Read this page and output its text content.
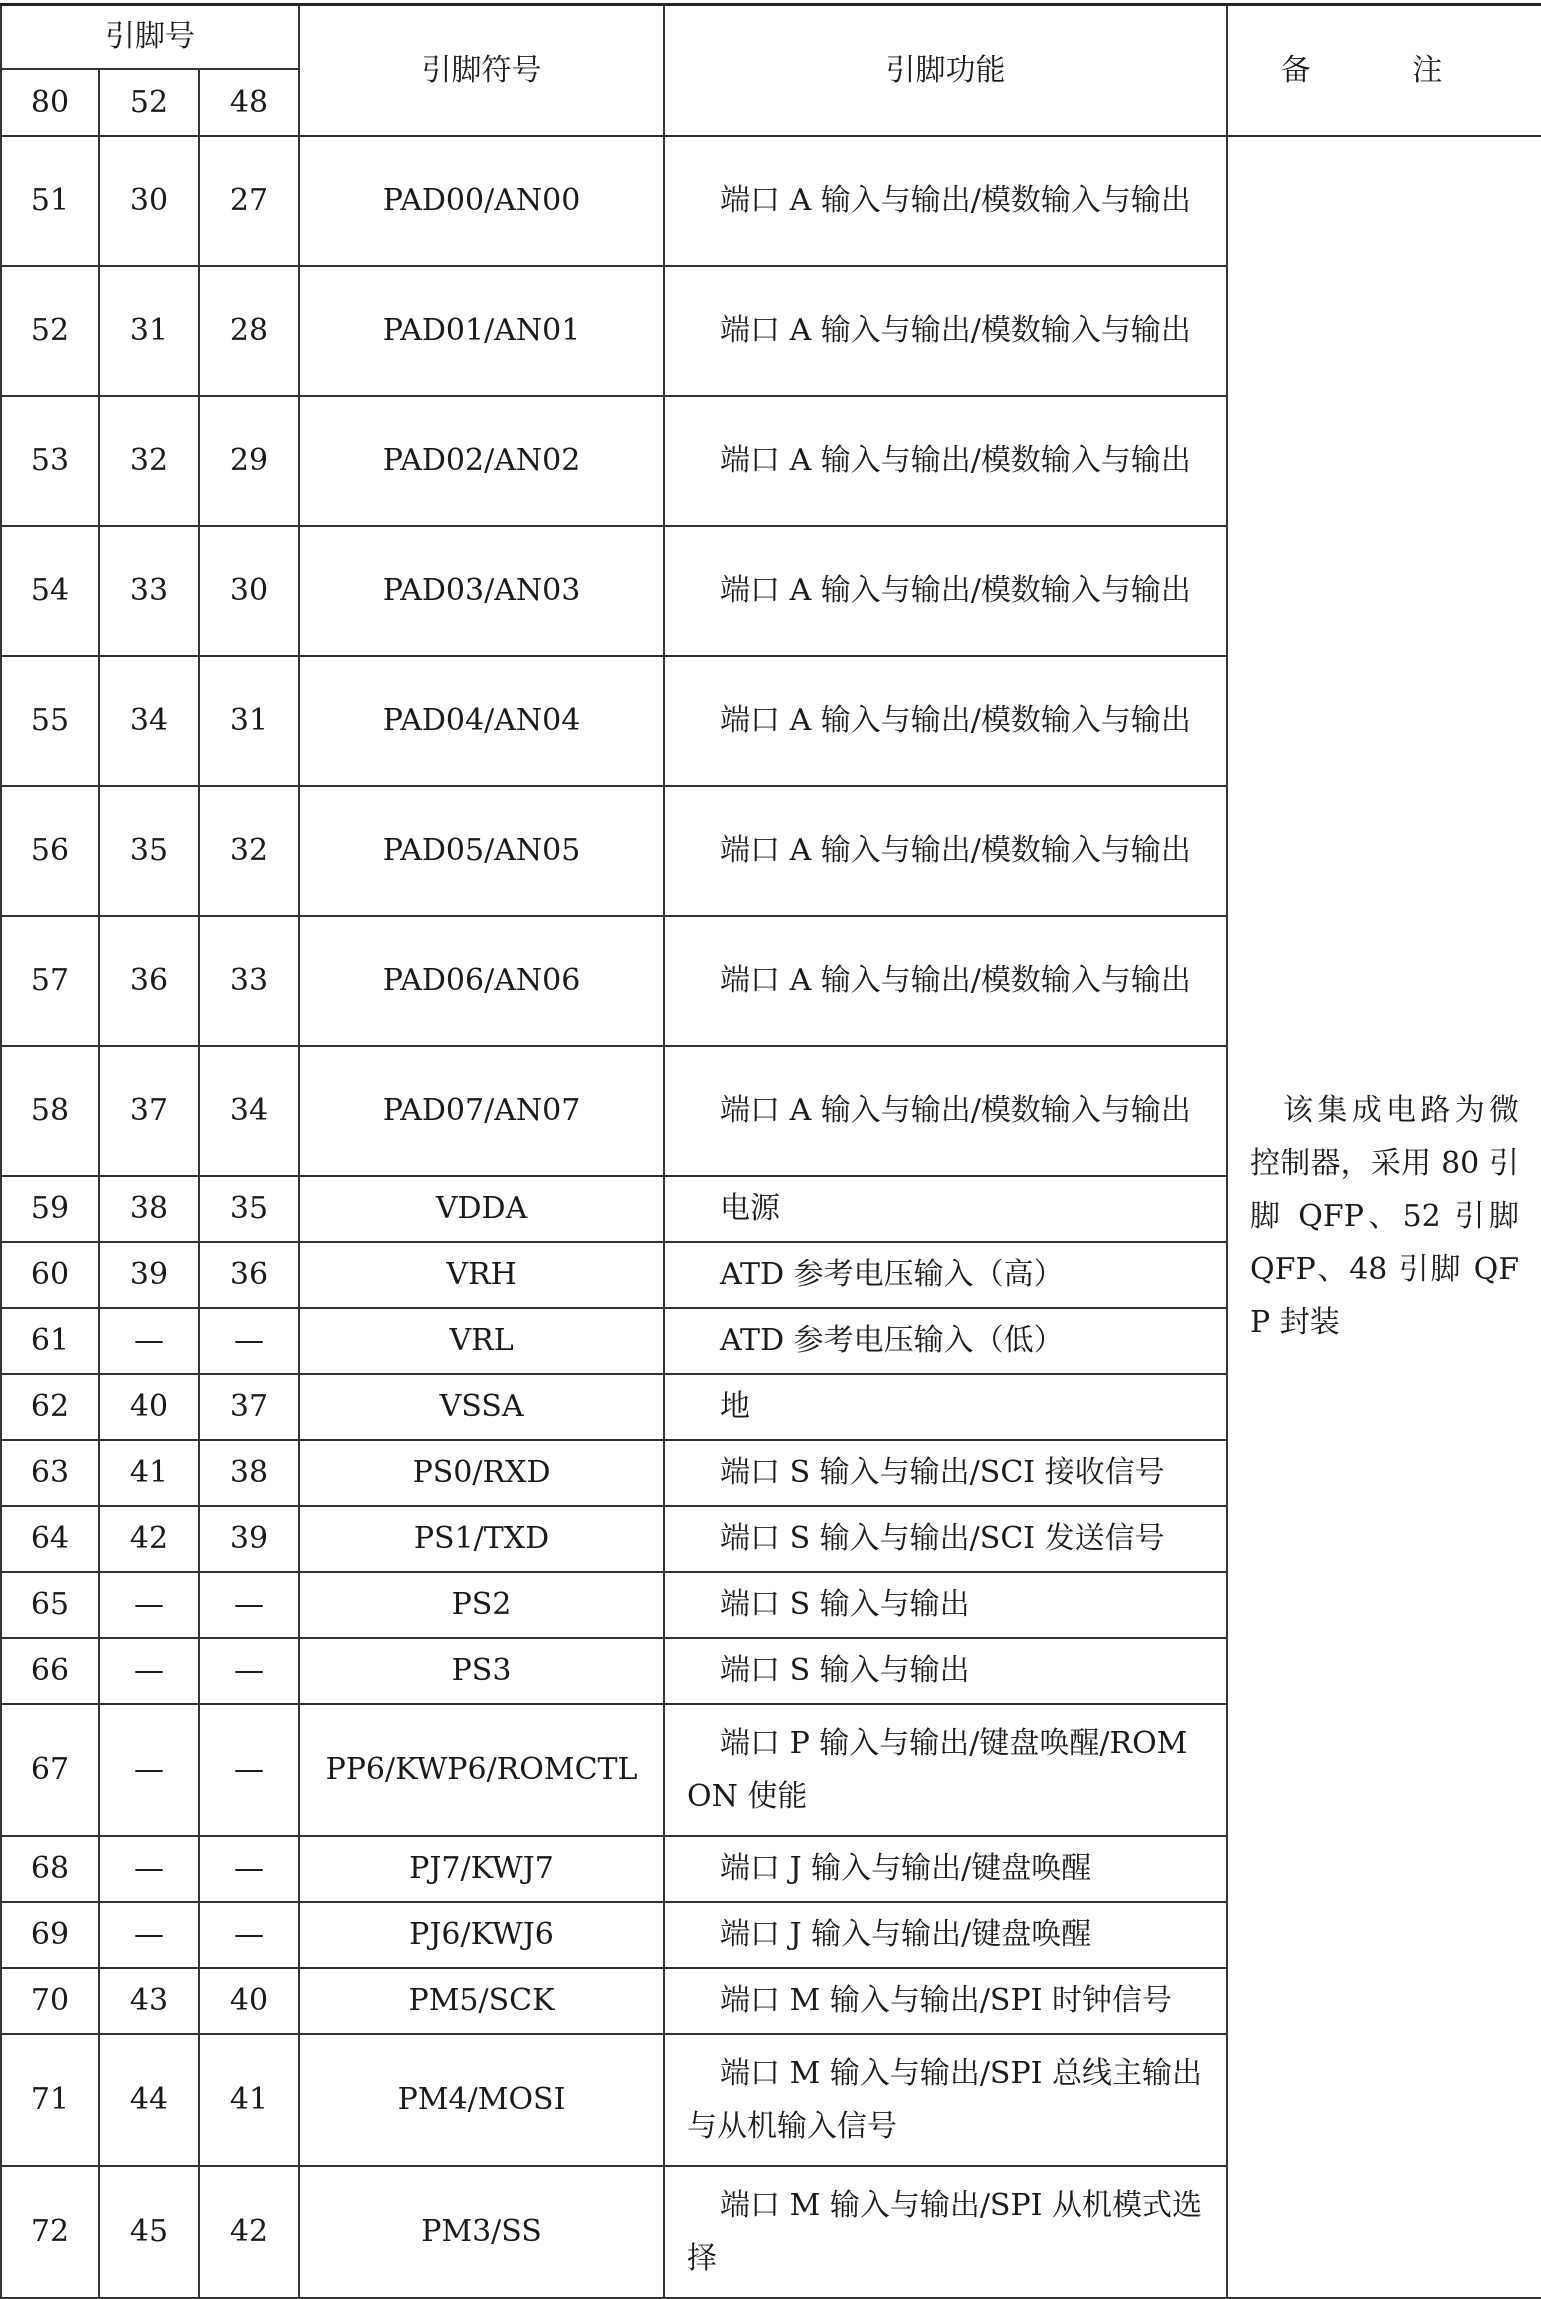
引脚号			引脚符号	引脚功能	备 注
80	52	48			
51	30	27	PAD00/AN00	端口 A 输入与输出/模数输入与输出	该集成电路为微控制器，采用 80 引脚 QFP、52 引脚 QFP、48 引脚 QFP 封装
52	31	28	PAD01/AN01	端口 A 输入与输出/模数输入与输出	
53	32	29	PAD02/AN02	端口 A 输入与输出/模数输入与输出	
54	33	30	PAD03/AN03	端口 A 输入与输出/模数输入与输出	
55	34	31	PAD04/AN04	端口 A 输入与输出/模数输入与输出	
56	35	32	PAD05/AN05	端口 A 输入与输出/模数输入与输出	
57	36	33	PAD06/AN06	端口 A 输入与输出/模数输入与输出	
58	37	34	PAD07/AN07	端口 A 输入与输出/模数输入与输出	
59	38	35	VDDA	电源	
60	39	36	VRH	ATD 参考电压输入（高）	
61	—	—	VRL	ATD 参考电压输入（低）	
62	40	37	VSSA	地	
63	41	38	PS0/RXD	端口 S 输入与输出/SCI 接收信号	
64	42	39	PS1/TXD	端口 S 输入与输出/SCI 发送信号	
65	—	—	PS2	端口 S 输入与输出	
66	—	—	PS3	端口 S 输入与输出	
67	—	—	PP6/KWP6/ROMCTL	端口 P 输入与输出/键盘唤醒/ROMON 使能	
68	—	—	PJ7/KWJ7	端口 J 输入与输出/键盘唤醒	
69	—	—	PJ6/KWJ6	端口 J 输入与输出/键盘唤醒	
70	43	40	PM5/SCK	端口 M 输入与输出/SPI 时钟信号	
71	44	41	PM4/MOSI	端口 M 输入与输出/SPI 总线主输出与从机输入信号	
72	45	42	PM3/SS	端口 M 输入与输出/SPI 从机模式选择	
